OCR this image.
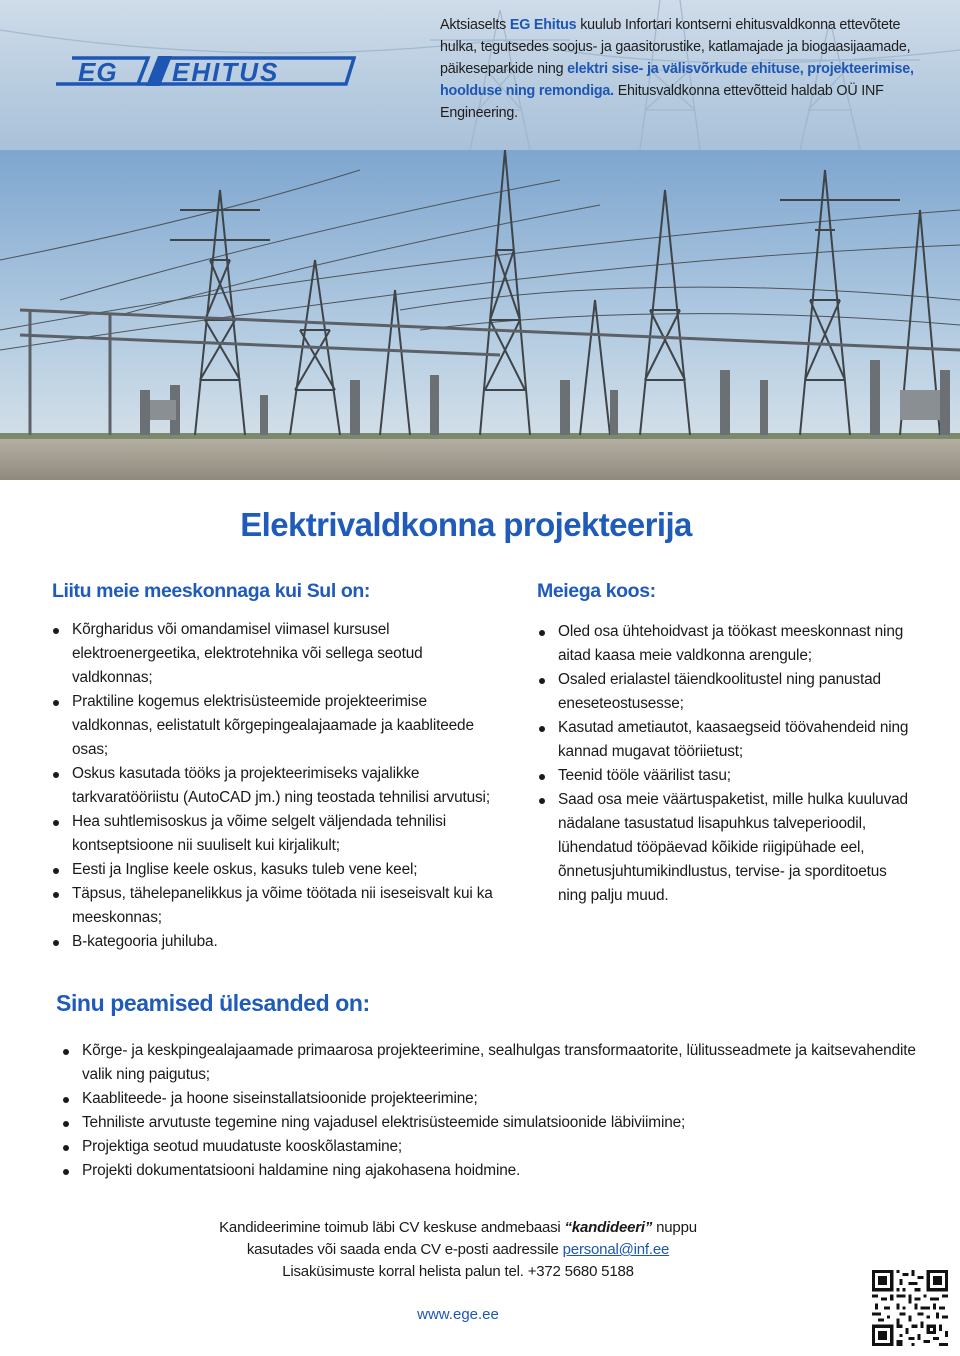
EG EHITUS
Aktsiaselts EG Ehitus kuulub Infortari kontserni ehitusvaldkonna ettevõtete hulka, tegutsedes soojus- ja gaasitorustike, katlamajade ja biogaasijaamade, päikeseparkide ning elektri sise- ja välisvõrkude ehituse, projekteerimise, hoolduse ning remondiga. Ehitusvaldkonna ettevõtteid haldab OÜ INF Engineering.
Elektrivaldkonna projekteerija
Liitu meie meeskonnaga kui Sul on:
Kõrgharidus või omandamisel viimasel kursusel elektroenergeetika, elektrotehnika või sellega seotud valdkonnas;
Praktiline kogemus elektrisüsteemide projekteerimise valdkonnas, eelistatult kõrgepingealajaamade ja kaabliteede osas;
Oskus kasutada tööks ja projekteerimiseks vajalikke tarkvaratööriistu (AutoCAD jm.) ning teostada tehnilisi arvutusi;
Hea suhtlemisoskus ja võime selgelt väljendada tehnilisi kontseptsioone nii suuliselt kui kirjalikult;
Eesti ja Inglise keele oskus, kasuks tuleb vene keel;
Täpsus, tähelepanelikkus ja võime töötada nii iseseisvalt kui ka meeskonnas;
B-kategooria juhiluba.
Meiega koos:
Oled osa ühtehoidvast ja töökast meeskonnast ning aitad kaasa meie valdkonna arengule;
Osaled erialastel täiendkoolitustel ning panustad eneseteostusesse;
Kasutad ametiautot, kaasaegseid töövahendeid ning kannad mugavat tööriietust;
Teenid tööle väärilist tasu;
Saad osa meie väärtuspaketist, mille hulka kuuluvad nädalane tasustatud lisapuhkus talveperioodil, lühendatud tööpäevad kõikide riigipühade eel, õnnetusjuhtumikindlustus, tervise- ja sporditoetus ning palju muud.
Sinu peamised ülesanded on:
Kõrge- ja keskpingealajaamade primaarosa projekteerimine, sealhulgas transformaatorite, lülitusseadmete ja kaitsevahendite valik ning paigutus;
Kaabliteede- ja hoone siseinstallatsioonide projekteerimine;
Tehniliste arvutuste tegemine ning vajadusel elektrisüsteemide simulatsioonide läbiviimine;
Projektiga seotud muudatuste kooskõlastamine;
Projekti dokumentatsiooni haldamine ning ajakohasena hoidmine.
Kandideerimine toimub läbi CV keskuse andmebaasi “kandideeri” nuppu
kasutades või saada enda CV e-posti aadressile personal@inf.ee
Lisaküsimuste korral helista palun tel. +372 5680 5188
www.ege.ee
